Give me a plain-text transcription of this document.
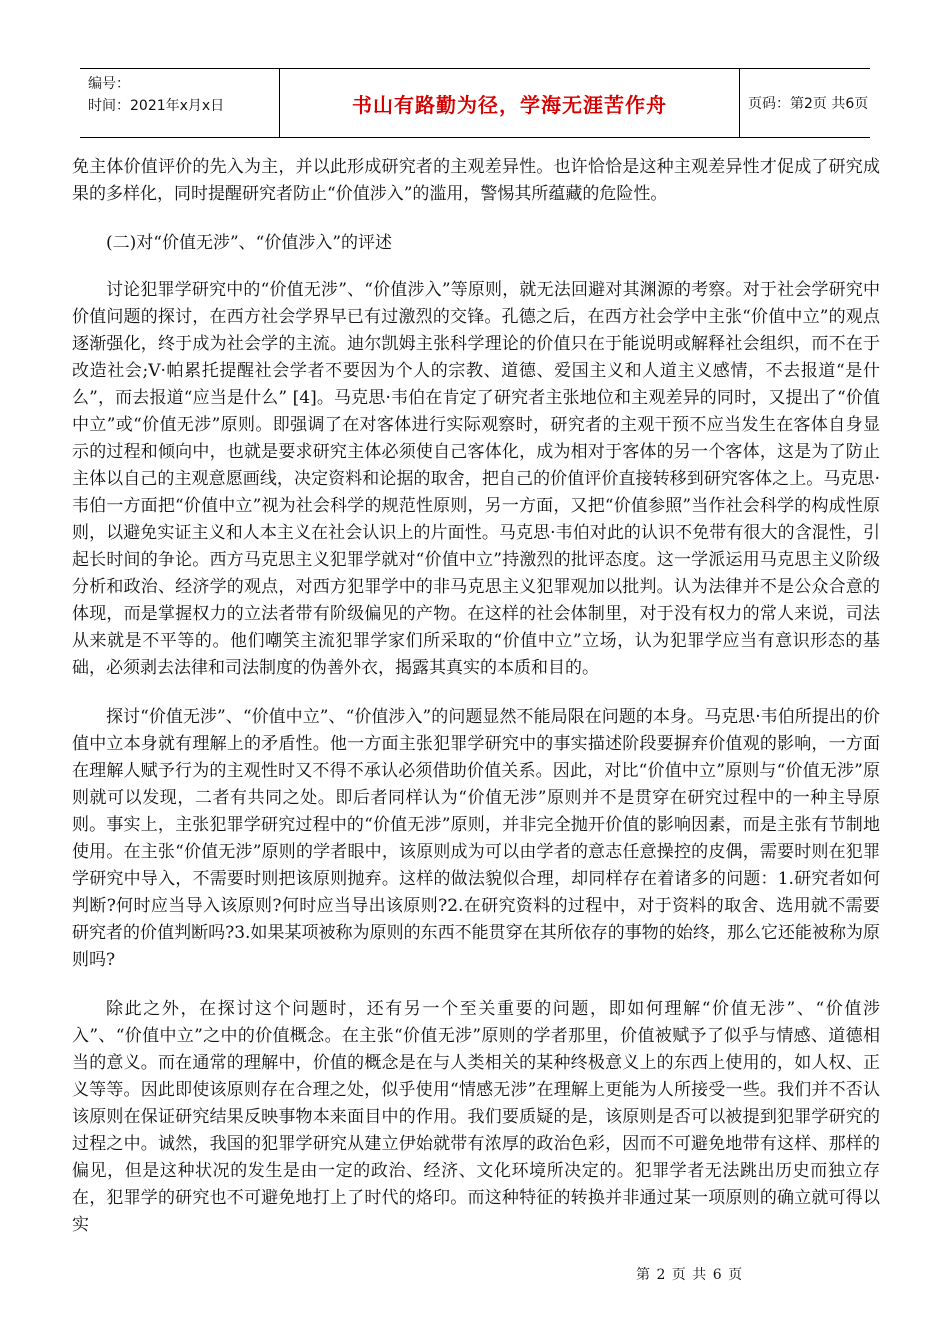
编号：
时间：2021年x月x日	书山有路勤为径，学海无涯苦作舟	页码：第2页 共6页

免主体价值评价的先入为主，并以此形成研究者的主观差异性。也许恰恰是这种主观差异性才促成了研究成果的多样化，同时提醒研究者防止“价值涉入”的滥用，警惕其所蕴藏的危险性。

(二)对“价值无涉”、“价值涉入”的评述

讨论犯罪学研究中的“价值无涉”、“价值涉入”等原则，就无法回避对其渊源的考察。对于社会学研究中价值问题的探讨，在西方社会学界早已有过激烈的交锋。孔德之后，在西方社会学中主张“价值中立”的观点逐渐强化，终于成为社会学的主流。迪尔凯姆主张科学理论的价值只在于能说明或解释社会组织，而不在于改造社会;V·帕累托提醒社会学者不要因为个人的宗教、道德、爱国主义和人道主义感情，不去报道“是什么”，而去报道“应当是什么” [4]。马克思·韦伯在肯定了研究者主张地位和主观差异的同时，又提出了“价值中立”或“价值无涉”原则。即强调了在对客体进行实际观察时，研究者的主观干预不应当发生在客体自身显示的过程和倾向中，也就是要求研究主体必须使自己客体化，成为相对于客体的另一个客体，这是为了防止主体以自己的主观意愿画线，决定资料和论据的取舍，把自己的价值评价直接转移到研究客体之上。马克思·韦伯一方面把“价值中立”视为社会科学的规范性原则，另一方面，又把“价值参照”当作社会科学的构成性原则，以避免实证主义和人本主义在社会认识上的片面性。马克思·韦伯对此的认识不免带有很大的含混性，引起长时间的争论。西方马克思主义犯罪学就对“价值中立”持激烈的批评态度。这一学派运用马克思主义阶级分析和政治、经济学的观点，对西方犯罪学中的非马克思主义犯罪观加以批判。认为法律并不是公众合意的体现，而是掌握权力的立法者带有阶级偏见的产物。在这样的社会体制里，对于没有权力的常人来说，司法从来就是不平等的。他们嘲笑主流犯罪学家们所采取的“价值中立”立场，认为犯罪学应当有意识形态的基础，必须剥去法律和司法制度的伪善外衣，揭露其真实的本质和目的。

探讨“价值无涉”、“价值中立”、“价值涉入”的问题显然不能局限在问题的本身。马克思·韦伯所提出的价值中立本身就有理解上的矛盾性。他一方面主张犯罪学研究中的事实描述阶段要摒弃价值观的影响，一方面在理解人赋予行为的主观性时又不得不承认必须借助价值关系。因此，对比“价值中立”原则与“价值无涉”原则就可以发现，二者有共同之处。即后者同样认为“价值无涉”原则并不是贯穿在研究过程中的一种主导原则。事实上，主张犯罪学研究过程中的“价值无涉”原则，并非完全抛开价值的影响因素，而是主张有节制地使用。在主张“价值无涉”原则的学者眼中，该原则成为可以由学者的意志任意操控的皮偶，需要时则在犯罪学研究中导入，不需要时则把该原则抛弃。这样的做法貌似合理，却同样存在着诸多的问题：1.研究者如何判断?何时应当导入该原则?何时应当导出该原则?2.在研究资料的过程中，对于资料的取舍、选用就不需要研究者的价值判断吗?3.如果某项被称为原则的东西不能贯穿在其所依存的事物的始终，那么它还能被称为原则吗?

除此之外，在探讨这个问题时，还有另一个至关重要的问题，即如何理解“价值无涉”、“价值涉入”、“价值中立”之中的价值概念。在主张“价值无涉”原则的学者那里，价值被赋予了似乎与情感、道德相当的意义。而在通常的理解中，价值的概念是在与人类相关的某种终极意义上的东西上使用的，如人权、正义等等。因此即使该原则存在合理之处，似乎使用“情感无涉”在理解上更能为人所接受一些。我们并不否认该原则在保证研究结果反映事物本来面目中的作用。我们要质疑的是，该原则是否可以被提到犯罪学研究的过程之中。诚然，我国的犯罪学研究从建立伊始就带有浓厚的政治色彩，因而不可避免地带有这样、那样的偏见，但是这种状况的发生是由一定的政治、经济、文化环境所决定的。犯罪学者无法跳出历史而独立存在，犯罪学的研究也不可避免地打上了时代的烙印。而这种特征的转换并非通过某一项原则的确立就可得以实

第 2 页 共 6 页
